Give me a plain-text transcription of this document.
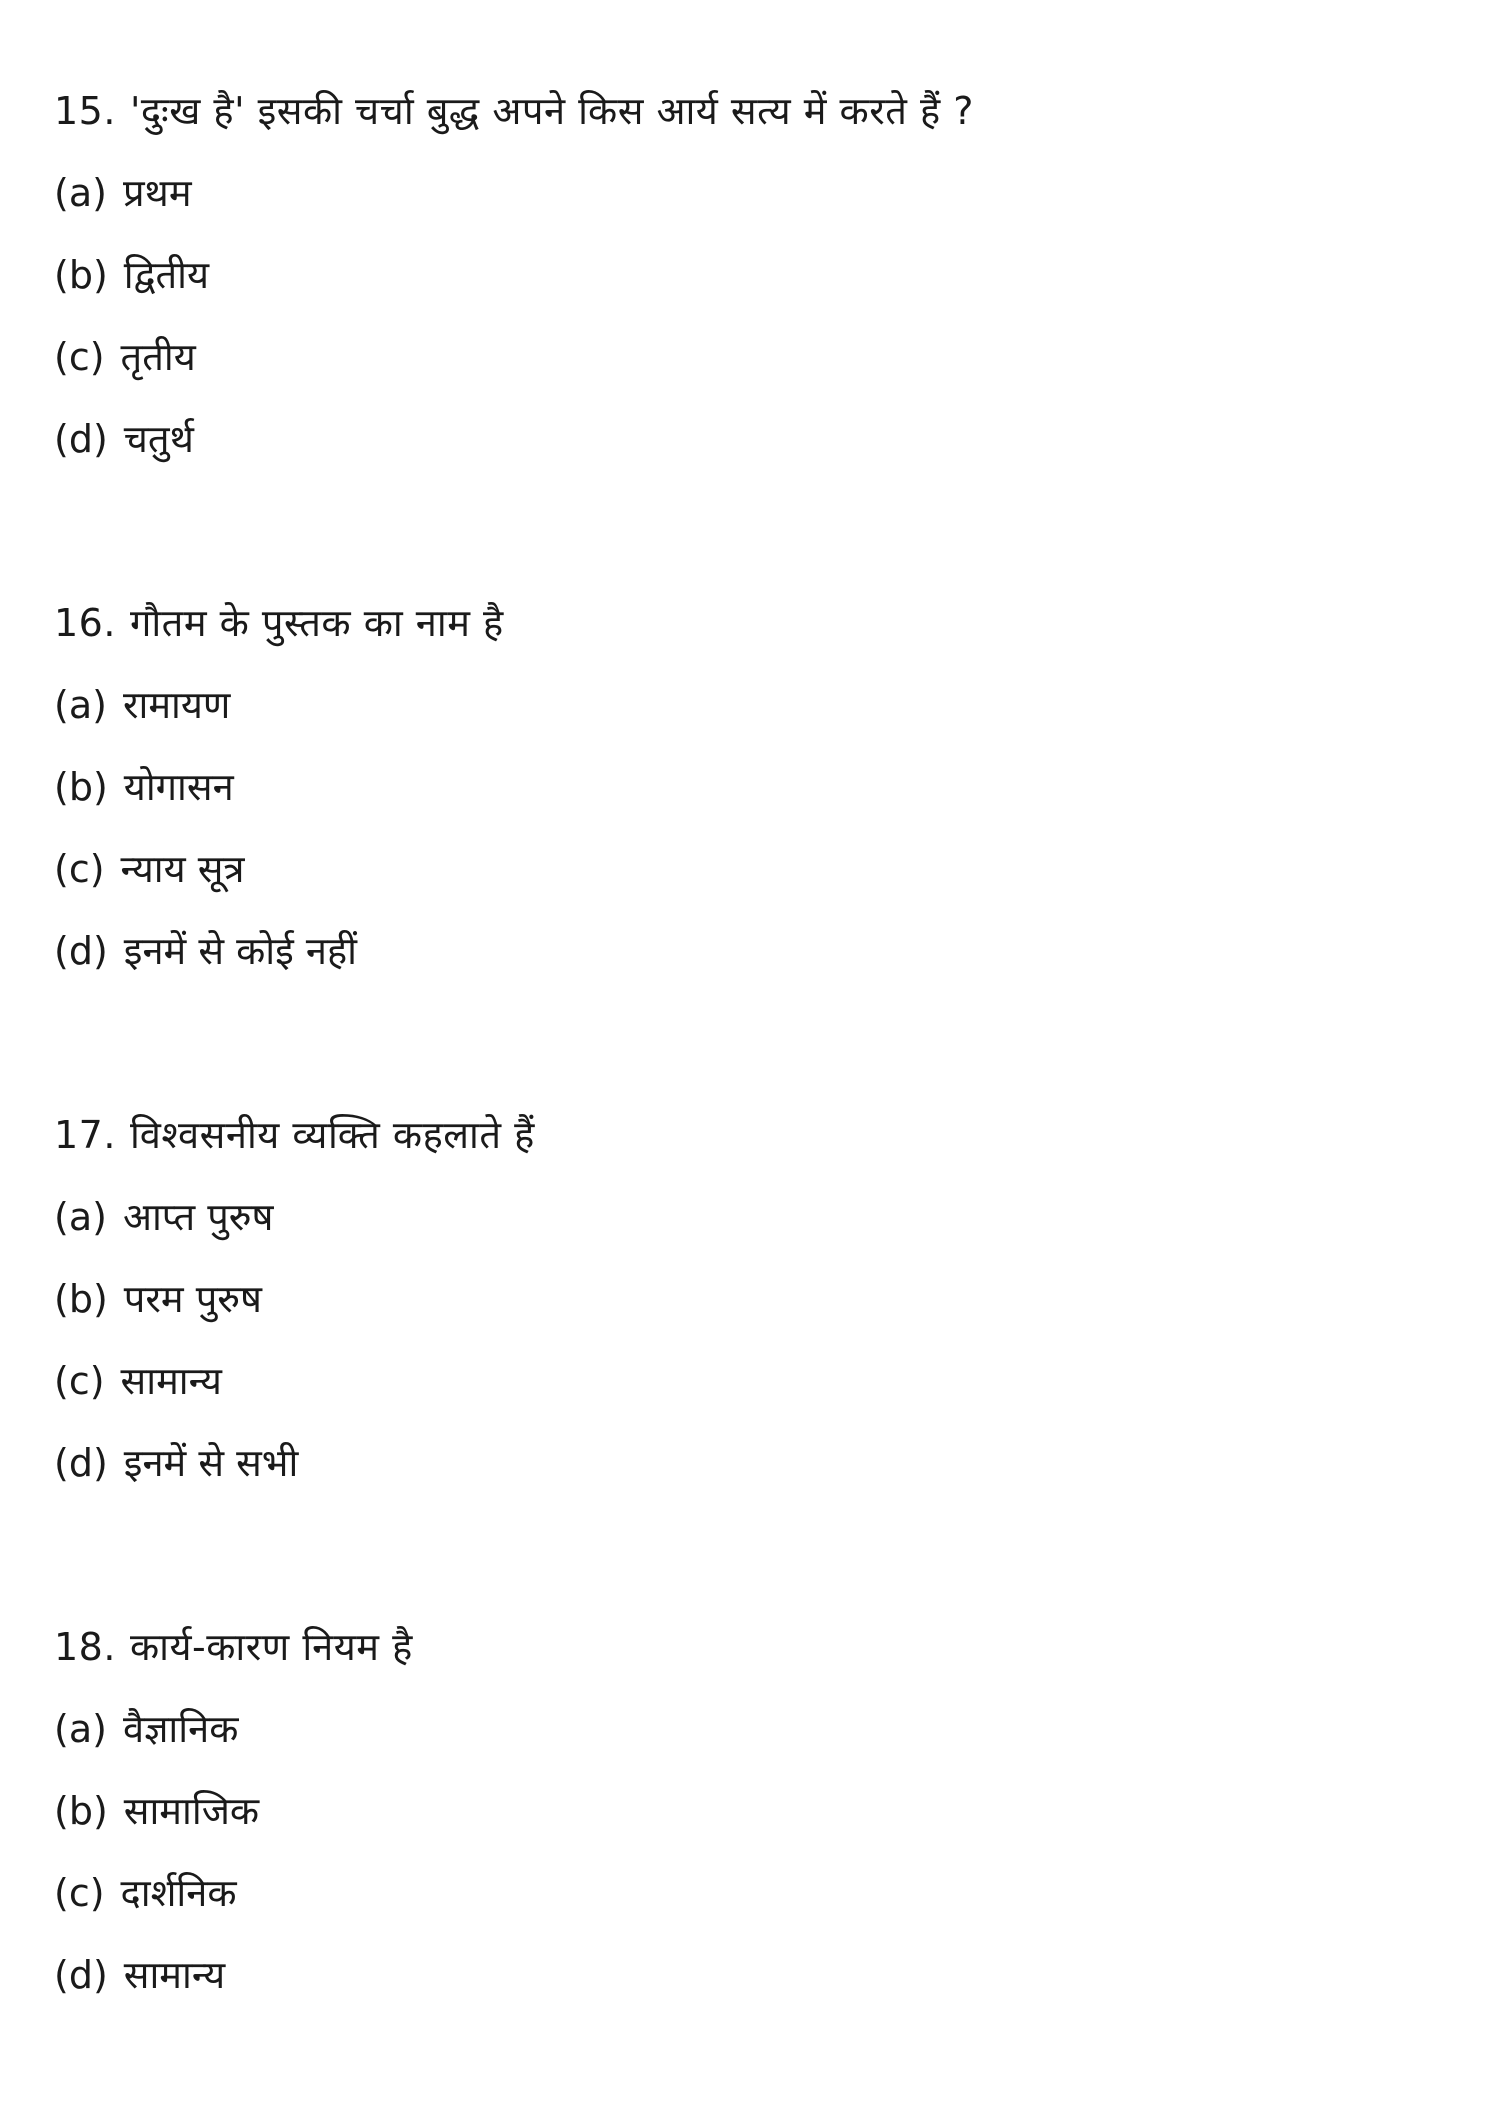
15. 'दुःख है' इसकी चर्चा बुद्ध अपने किस आर्य सत्य में करते हैं ?
(a) प्रथम
(b) द्वितीय
(c) तृतीय
(d) चतुर्थ
16. गौतम के पुस्तक का नाम है
(a) रामायण
(b) योगासन
(c) न्याय सूत्र
(d) इनमें से कोई नहीं
17. विश्वसनीय व्यक्ति कहलाते हैं
(a) आप्त पुरुष
(b) परम पुरुष
(c) सामान्य
(d) इनमें से सभी
18. कार्य-कारण नियम है
(a) वैज्ञानिक
(b) सामाजिक
(c) दार्शनिक
(d) सामान्य
